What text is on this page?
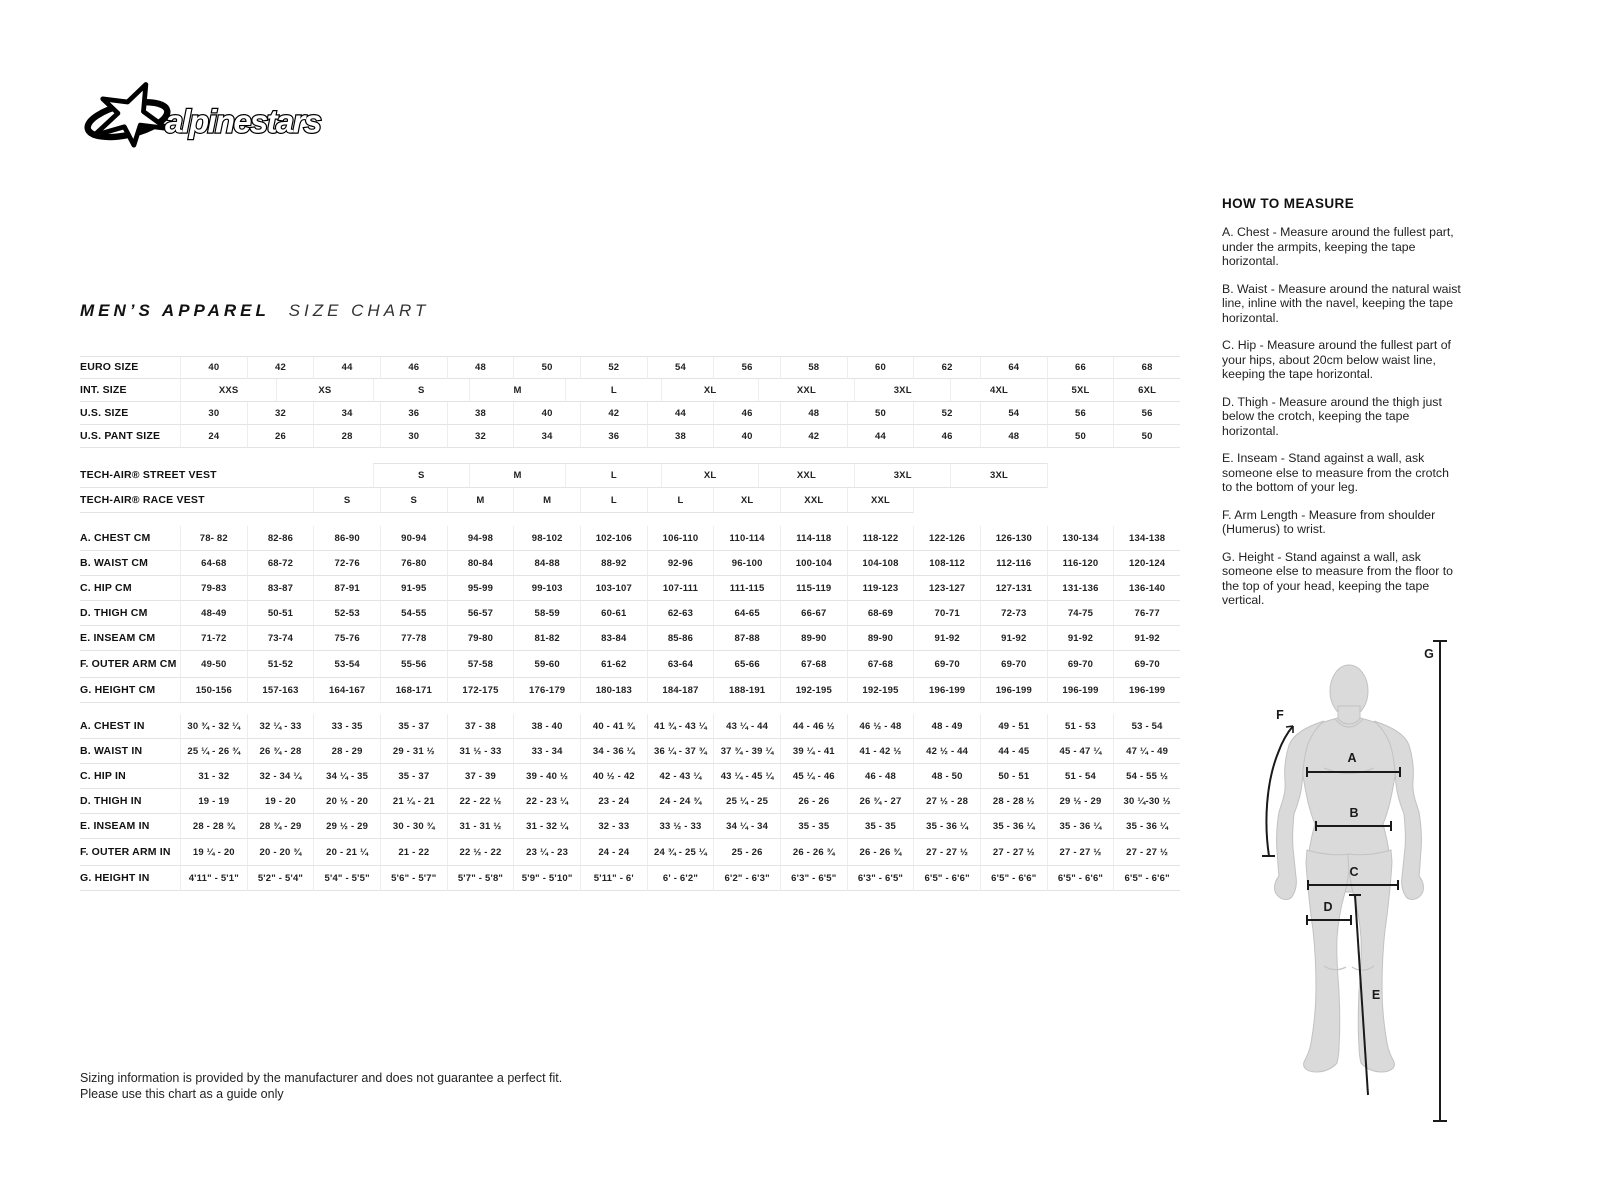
alpinestars
MEN’S APPAREL SIZE CHART
EURO SIZE	40	42	44	46	48	50	52	54	56	58	60	62	64	66	68
INT. SIZE	XXS	XS	S	M	L	XL	XXL	3XL	4XL	5XL	6XL
U.S. SIZE	30	32	34	36	38	40	42	44	46	48	50	52	54	56	56
U.S. PANT SIZE	24	26	28	30	32	34	36	38	40	42	44	46	48	50	50
TECH-AIR® STREET VEST	S	M	L	XL	XXL	3XL	3XL
TECH-AIR® RACE VEST	S	S	M	M	L	L	XL	XXL	XXL
A. CHEST CM	78- 82	82-86	86-90	90-94	94-98	98-102	102-106	106-110	110-114	114-118	118-122	122-126	126-130	130-134	134-138
B. WAIST CM	64-68	68-72	72-76	76-80	80-84	84-88	88-92	92-96	96-100	100-104	104-108	108-112	112-116	116-120	120-124
C. HIP CM	79-83	83-87	87-91	91-95	95-99	99-103	103-107	107-111	111-115	115-119	119-123	123-127	127-131	131-136	136-140
D. THIGH CM	48-49	50-51	52-53	54-55	56-57	58-59	60-61	62-63	64-65	66-67	68-69	70-71	72-73	74-75	76-77
E. INSEAM CM	71-72	73-74	75-76	77-78	79-80	81-82	83-84	85-86	87-88	89-90	89-90	91-92	91-92	91-92	91-92
F. OUTER ARM CM	49-50	51-52	53-54	55-56	57-58	59-60	61-62	63-64	65-66	67-68	67-68	69-70	69-70	69-70	69-70
G. HEIGHT CM	150-156	157-163	164-167	168-171	172-175	176-179	180-183	184-187	188-191	192-195	192-195	196-199	196-199	196-199	196-199
A. CHEST IN	30 ¾ - 32 ¼	32 ¼ - 33	33 - 35	35 - 37	37 - 38	38 - 40	40 - 41 ¾	41 ¾ - 43 ¼	43 ¼ - 44	44 - 46 ½	46 ½ - 48	48 - 49	49 - 51	51 - 53	53 - 54
B. WAIST IN	25 ¼ - 26 ¾	26 ¾ - 28	28 - 29	29 - 31 ½	31 ½ - 33	33 - 34	34 - 36 ¼	36 ¼ - 37 ¾	37 ¾ - 39 ¼	39 ¼ - 41	41 - 42 ½	42 ½ - 44	44 - 45	45 - 47 ¼	47 ¼ - 49
C. HIP IN	31 - 32	32 - 34 ¼	34 ¼ - 35	35 - 37	37 - 39	39 - 40 ½	40 ½ - 42	42 - 43 ¼	43 ¼ - 45 ¼	45 ¼ - 46	46 - 48	48 - 50	50 - 51	51 - 54	54 - 55 ½
D. THIGH IN	19 - 19	19 - 20	20 ½ - 20	21 ¼ - 21	22 - 22 ½	22 - 23 ¼	23 - 24	24 - 24 ¾	25 ¼ - 25	26 - 26	26 ¾ - 27	27 ½ - 28	28 - 28 ½	29 ½ - 29	30 ¼-30 ½
E. INSEAM IN	28 - 28 ¾	28 ¾ - 29	29 ½ - 29	30 - 30 ¾	31 - 31 ½	31 - 32 ¼	32 - 33	33 ½ - 33	34 ¼ - 34	35 - 35	35 - 35	35 - 36 ¼	35 - 36 ¼	35 - 36 ¼	35 - 36 ¼
F. OUTER ARM IN	19 ¼ - 20	20 - 20 ¾	20 - 21 ¼	21 - 22	22 ½ - 22	23 ¼ - 23	24 - 24	24 ¾ - 25 ¼	25 - 26	26 - 26 ¾	26 - 26 ¾	27 - 27 ½	27 - 27 ½	27 - 27 ½	27 - 27 ½
G. HEIGHT IN	4'11" - 5'1"	5'2" - 5'4"	5'4" - 5'5"	5'6" - 5'7"	5'7" - 5'8"	5'9" - 5'10"	5'11" - 6'	6' - 6'2"	6'2" - 6'3"	6'3" - 6'5"	6'3" - 6'5"	6'5" - 6'6"	6'5" - 6'6"	6'5" - 6'6"	6'5" - 6'6"
HOW TO MEASURE

A. Chest - Measure around the fullest part, under the armpits, keeping the tape horizontal.

B. Waist - Measure around the natural waist line, inline with the navel, keeping the tape horizontal.

C. Hip - Measure around the fullest part of your hips, about 20cm below waist line, keeping the tape horizontal.

D. Thigh - Measure around the thigh just below the crotch, keeping the tape horizontal.

E. Inseam - Stand against a wall, ask someone else to measure from the crotch to the bottom of your leg.

F. Arm Length - Measure from shoulder (Humerus) to wrist.

G. Height - Stand against a wall, ask someone else to measure from the floor to the top of your head, keeping the tape vertical.

A
B
C
D
E
F
G
Sizing information is provided by the manufacturer and does not guarantee a perfect fit.
Please use this chart as a guide only
